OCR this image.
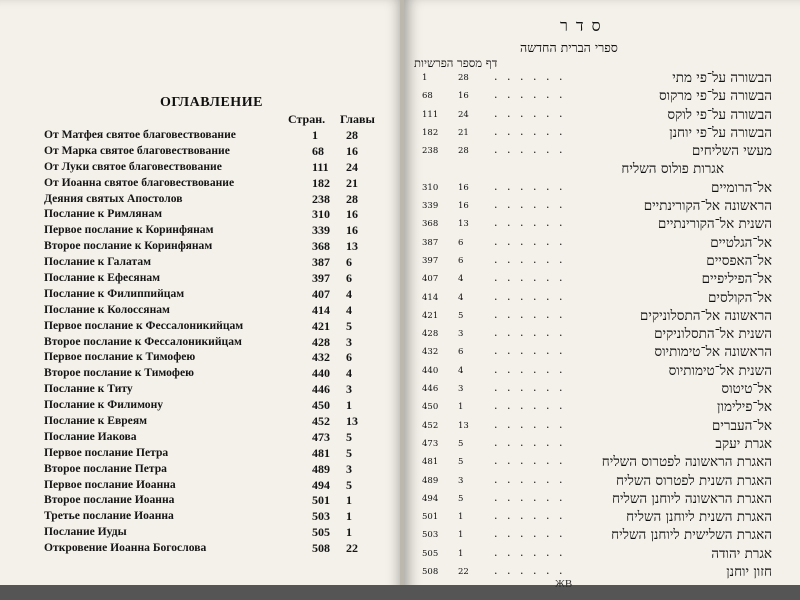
ОГЛАВЛЕНИЕ
Стран. Главы
От Матфея святое благовествование	1 28
От Марка святое благовествование	68 16
От Луки святое благовествование	111 24
От Иоанна святое благовествование	182 21
Деяния святых Апостолов	238 28
Послание к Римлянам	310 16
Первое послание к Коринфянам	339 16
Второе послание к Коринфянам	368 13
Послание к Галатам	387 6
Послание к Ефесянам	397 6
Послание к Филиппийцам	407 4
Послание к Колоссянам	414 4
Первое послание к Фессалоникийцам	421 5
Второе послание к Фессалоникийцам	428 3
Первое послание к Тимофею	432 6
Второе послание к Тимофею	440 4
Послание к Титу	446 3
Послание к Филимону	450 1
Послание к Евреям	452 13
Послание Иакова	473 5
Первое послание Петра	481 5
Второе послание Петра	489 3
Первое послание Иоанна	494 5
Второе послание Иоанна	501 1
Третье послание Иоанна	503 1
Послание Иуды	505 1
Откровение Иоанна Богослова	508 22
סדר
ספרי הברית החדשה
דף מספר הפרשיות
1	28 . . . . . .	הבשורה על־פי מתי
68	16 . . . . . .	הבשורה על־פי מרקוס
111 24 . . . . . .	הבשורה על־פי לוקס
182 21 . . . . . .	הבשורה על־פי יוחנן
238 28 . . . . . .	מעשי השליחים
אגרות פולוס השליח
310 16 . . . . . .	אל־הרומיים
339 16 . . . . . .	הראשונה אל־הקורינתיים
368 13 . . . . . .	השנית אל־הקורינתיים
387 6	. . . . . .	אל־הגלטיים
397 6	. . . . . .	אל־האפסיים
407 4	. . . . . .	אל־הפיליפיים
414 4	. . . . . .	אל־הקולסים
421 5	. . . . . .	הראשונה אל־התסלוניקים
428 3	. . . . . .	השנית אל־התסלוניקים
432 6	. . . . . .	הראשונה אל־טימותיוס
440 4	. . . . . .	השנית אל־טימותיוס
446 3	. . . . . .	אל־טיטוס
450 1	. . . . . .	אל־פילימון
452 13 . . . . . .	אל־העברים
473 5	. . . . . .	אגרת יעקב
481 5	. . . . . .	האגרת הראשונה לפטרוס השליח
489 3	. . . . . .	האגרת השנית לפטרוס השליח
494 5	. . . . . .	האגרת הראשונה ליוחנן השליח
501 1	. . . . . .	האגרת השנית ליוחנן השליח
503 1	. . . . . .	האגרת השלישית ליוחנן השליח
505 1	. . . . . .	אגרת יהודה
508 22 . . . . . .	חזון יוחנן
ЖВ
